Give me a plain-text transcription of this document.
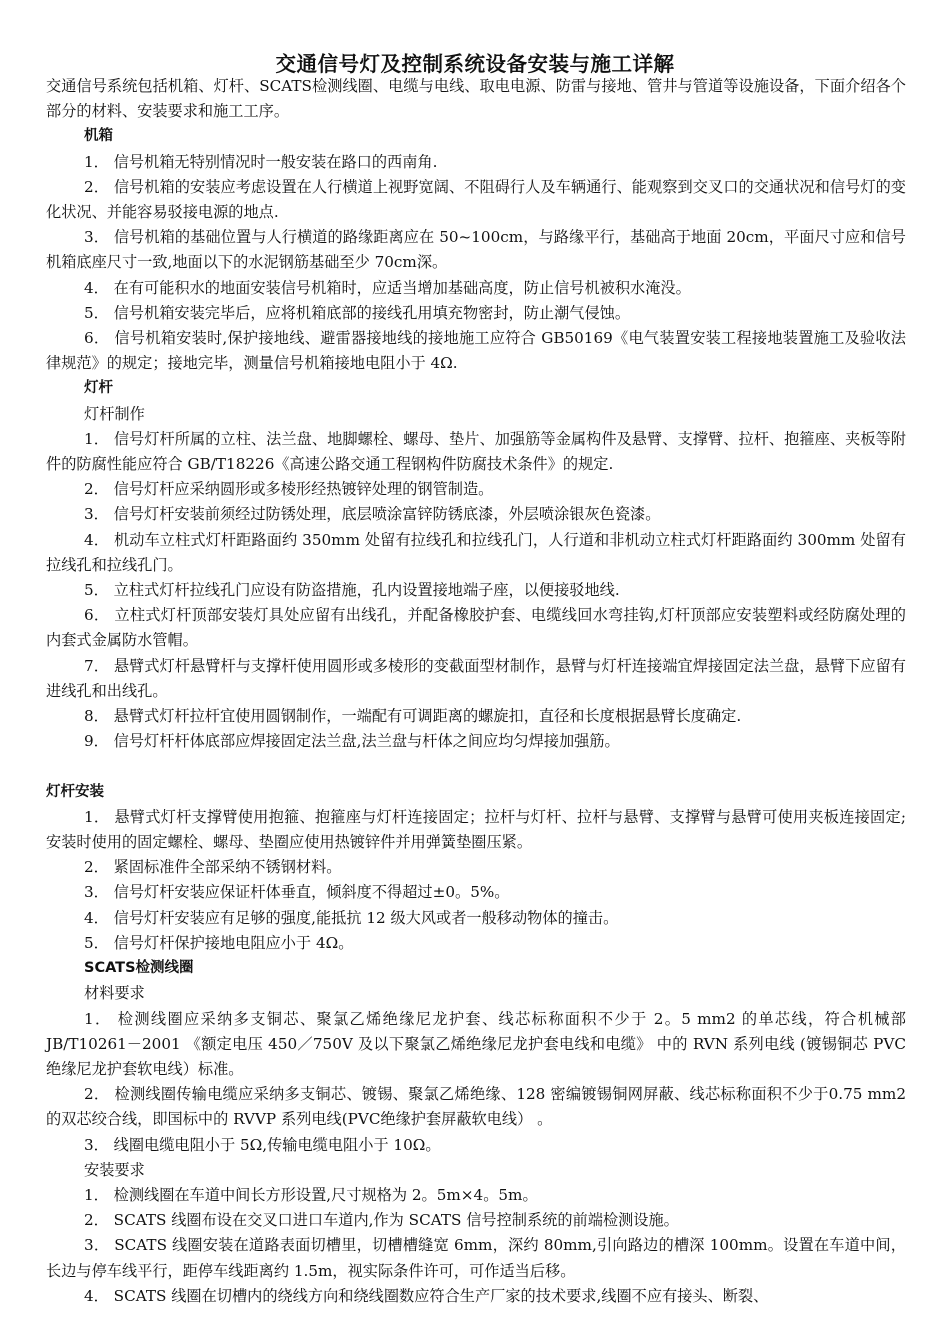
交通信号灯及控制系统设备安装与施工详解

交通信号系统包括机箱、灯杆、SCATS检测线圈、电缆与电线、取电电源、防雷与接地、管井与管道等设施设备，下面介绍各个部分的材料、安装要求和施工工序。

机箱

1． 信号机箱无特别情况时一般安装在路口的西南角.

2． 信号机箱的安装应考虑设置在人行横道上视野宽阔、不阻碍行人及车辆通行、能观察到交叉口的交通状况和信号灯的变化状况、并能容易驳接电源的地点.

3． 信号机箱的基础位置与人行横道的路缘距离应在 50~100cm，与路缘平行，基础高于地面 20cm，平面尺寸应和信号机箱底座尺寸一致,地面以下的水泥钢筋基础至少 70cm深。

4． 在有可能积水的地面安装信号机箱时，应适当增加基础高度，防止信号机被积水淹没。

5． 信号机箱安装完毕后，应将机箱底部的接线孔用填充物密封，防止潮气侵蚀。

6． 信号机箱安装时,保护接地线、避雷器接地线的接地施工应符合 GB50169《电气装置安装工程接地装置施工及验收法律规范》的规定；接地完毕，测量信号机箱接地电阻小于 4Ω.

灯杆

灯杆制作

1． 信号灯杆所属的立柱、法兰盘、地脚螺栓、螺母、垫片、加强筋等金属构件及悬臂、支撑臂、拉杆、抱箍座、夹板等附件的防腐性能应符合 GB/T18226《高速公路交通工程钢构件防腐技术条件》的规定.

2． 信号灯杆应采纳圆形或多棱形经热镀锌处理的钢管制造。

3． 信号灯杆安装前须经过防锈处理，底层喷涂富锌防锈底漆，外层喷涂银灰色瓷漆。

4． 机动车立柱式灯杆距路面约 350mm 处留有拉线孔和拉线孔门，人行道和非机动立柱式灯杆距路面约 300mm 处留有拉线孔和拉线孔门。

5． 立柱式灯杆拉线孔门应设有防盗措施，孔内设置接地端子座，以便接驳地线.

6． 立柱式灯杆顶部安装灯具处应留有出线孔，并配备橡胶护套、电缆线回水弯挂钩,灯杆顶部应安装塑料或经防腐处理的内套式金属防水管帽。

7． 悬臂式灯杆悬臂杆与支撑杆使用圆形或多棱形的变截面型材制作，悬臂与灯杆连接端宜焊接固定法兰盘，悬臂下应留有进线孔和出线孔。

8． 悬臂式灯杆拉杆宜使用圆钢制作，一端配有可调距离的螺旋扣，直径和长度根据悬臂长度确定.

9． 信号灯杆杆体底部应焊接固定法兰盘,法兰盘与杆体之间应均匀焊接加强筋。

灯杆安装

1． 悬臂式灯杆支撑臂使用抱箍、抱箍座与灯杆连接固定；拉杆与灯杆、拉杆与悬臂、支撑臂与悬臂可使用夹板连接固定;安装时使用的固定螺栓、螺母、垫圈应使用热镀锌件并用弹簧垫圈压紧。

2． 紧固标准件全部采纳不锈钢材料。

3． 信号灯杆安装应保证杆体垂直，倾斜度不得超过±0。5%。

4． 信号灯杆安装应有足够的强度,能抵抗 12 级大风或者一般移动物体的撞击。

5． 信号灯杆保护接地电阻应小于 4Ω。

SCATS检测线圈

材料要求

1． 检测线圈应采纳多支铜芯、聚氯乙烯绝缘尼龙护套、线芯标称面积不少于 2。5 mm2 的单芯线，符合机械部 JB/T10261－2001 《额定电压 450／750V 及以下聚氯乙烯绝缘尼龙护套电线和电缆》 中的 RVN 系列电线 (镀锡铜芯 PVC绝缘尼龙护套软电线）标准。

2． 检测线圈传输电缆应采纳多支铜芯、镀锡、聚氯乙烯绝缘、128 密编镀锡铜网屏蔽、线芯标称面积不少于0.75 mm2的双芯绞合线，即国标中的 RVVP 系列电线(PVC绝缘护套屏蔽软电线） 。

3． 线圈电缆电阻小于 5Ω,传输电缆电阻小于 10Ω。

安装要求

1． 检测线圈在车道中间长方形设置,尺寸规格为 2。5m×4。5m。

2． SCATS 线圈布设在交叉口进口车道内,作为 SCATS 信号控制系统的前端检测设施。

3． SCATS 线圈安装在道路表面切槽里，切槽槽缝宽 6mm，深约 80mm,引向路边的槽深 100mm。设置在车道中间，长边与停车线平行，距停车线距离约 1.5m，视实际条件许可，可作适当后移。

4． SCATS 线圈在切槽内的绕线方向和绕线圈数应符合生产厂家的技术要求,线圈不应有接头、断裂、
